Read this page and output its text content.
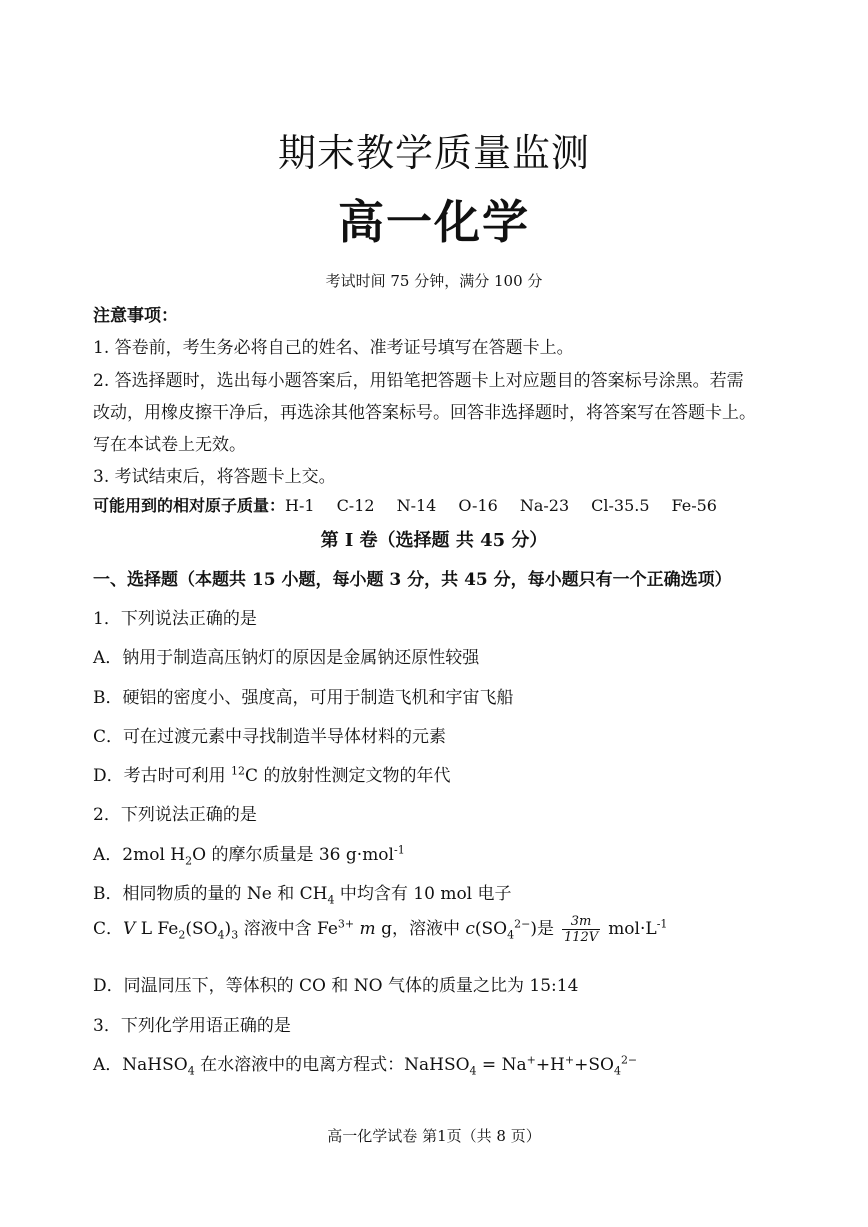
期末教学质量监测
高一化学
考试时间 75 分钟，满分 100 分
注意事项：
1. 答卷前，考生务必将自己的姓名、准考证号填写在答题卡上。
2. 答选择题时，选出每小题答案后，用铅笔把答题卡上对应题目的答案标号涂黑。若需
改动，用橡皮擦干净后，再选涂其他答案标号。回答非选择题时，将答案写在答题卡上。
写在本试卷上无效。
3. 考试结束后，将答题卡上交。
可能用到的相对原子质量：H-1 C-12 N-14 O-16 Na-23 Cl-35.5 Fe-56
第 I 卷（选择题 共 45 分）
一、选择题（本题共 15 小题，每小题 3 分，共 45 分，每小题只有一个正确选项）
1．下列说法正确的是
A．钠用于制造高压钠灯的原因是金属钠还原性较强
B．硬铝的密度小、强度高，可用于制造飞机和宇宙飞船
C．可在过渡元素中寻找制造半导体材料的元素
D．考古时可利用 $^{12}$C 的放射性测定文物的年代
2．下列说法正确的是
A．2mol $H_2O$ 的摩尔质量是 36 g·mol$^{-1}$
B．相同物质的量的 Ne 和 $CH_4$ 中均含有 10 mol 电子
C．V L $Fe_2(SO_4)_3$ 溶液中含 $Fe^{3+}$ m g，溶液中 $c(SO_4^{2-})$是 $\frac{3m}{112V} mol\cdot L^{-1}$
D．同温同压下，等体积的 CO 和 NO 气体的质量之比为 15:14
3．下列化学用语正确的是
A．NaHSO$_4$ 在水溶液中的电离方程式：NaHSO$_4$ = $Na^++H^++SO_4^{2-}$
高一化学试卷 第1页（共 8 页）
